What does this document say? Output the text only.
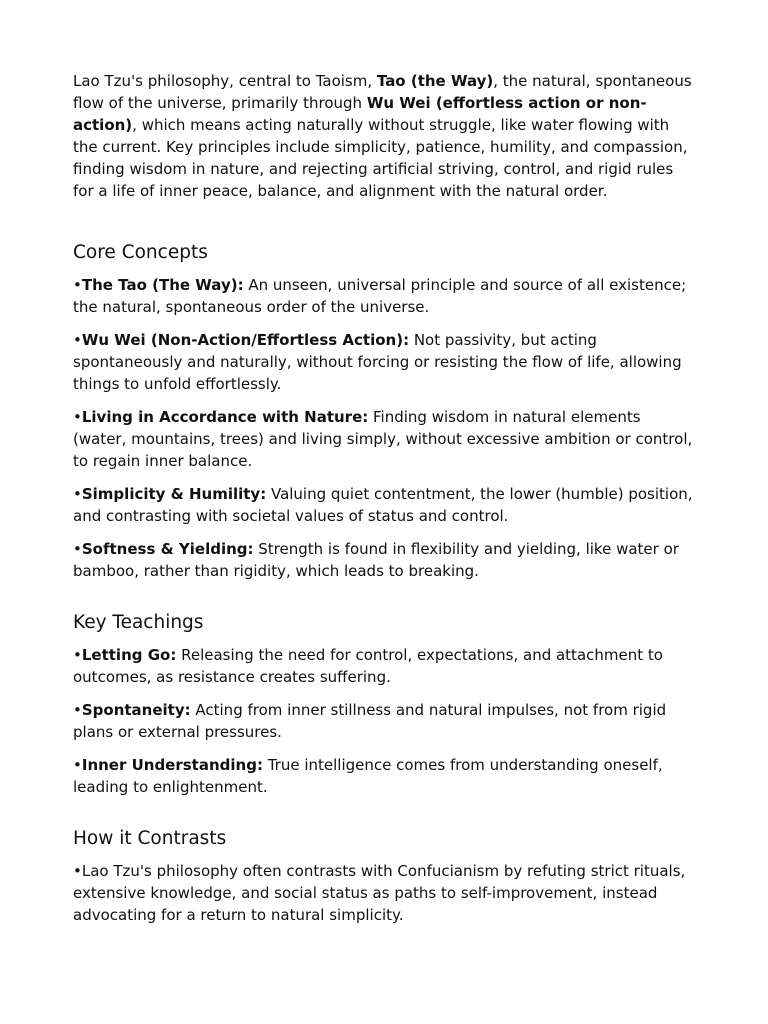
Lao Tzu's philosophy, central to Taoism, Tao (the Way), the natural, spontaneous flow of the universe, primarily through Wu Wei (effortless action or non-action), which means acting naturally without struggle, like water flowing with the current. Key principles include simplicity, patience, humility, and compassion, finding wisdom in nature, and rejecting artificial striving, control, and rigid rules for a life of inner peace, balance, and alignment with the natural order.

Core Concepts

•The Tao (The Way): An unseen, universal principle and source of all existence; the natural, spontaneous order of the universe.

•Wu Wei (Non-Action/Effortless Action): Not passivity, but acting spontaneously and naturally, without forcing or resisting the flow of life, allowing things to unfold effortlessly.

•Living in Accordance with Nature: Finding wisdom in natural elements (water, mountains, trees) and living simply, without excessive ambition or control, to regain inner balance.

•Simplicity & Humility: Valuing quiet contentment, the lower (humble) position, and contrasting with societal values of status and control.

•Softness & Yielding: Strength is found in flexibility and yielding, like water or bamboo, rather than rigidity, which leads to breaking.

Key Teachings

•Letting Go: Releasing the need for control, expectations, and attachment to outcomes, as resistance creates suffering.

•Spontaneity: Acting from inner stillness and natural impulses, not from rigid plans or external pressures.

•Inner Understanding: True intelligence comes from understanding oneself, leading to enlightenment.

How it Contrasts

•Lao Tzu's philosophy often contrasts with Confucianism by refuting strict rituals, extensive knowledge, and social status as paths to self-improvement, instead advocating for a return to natural simplicity.
